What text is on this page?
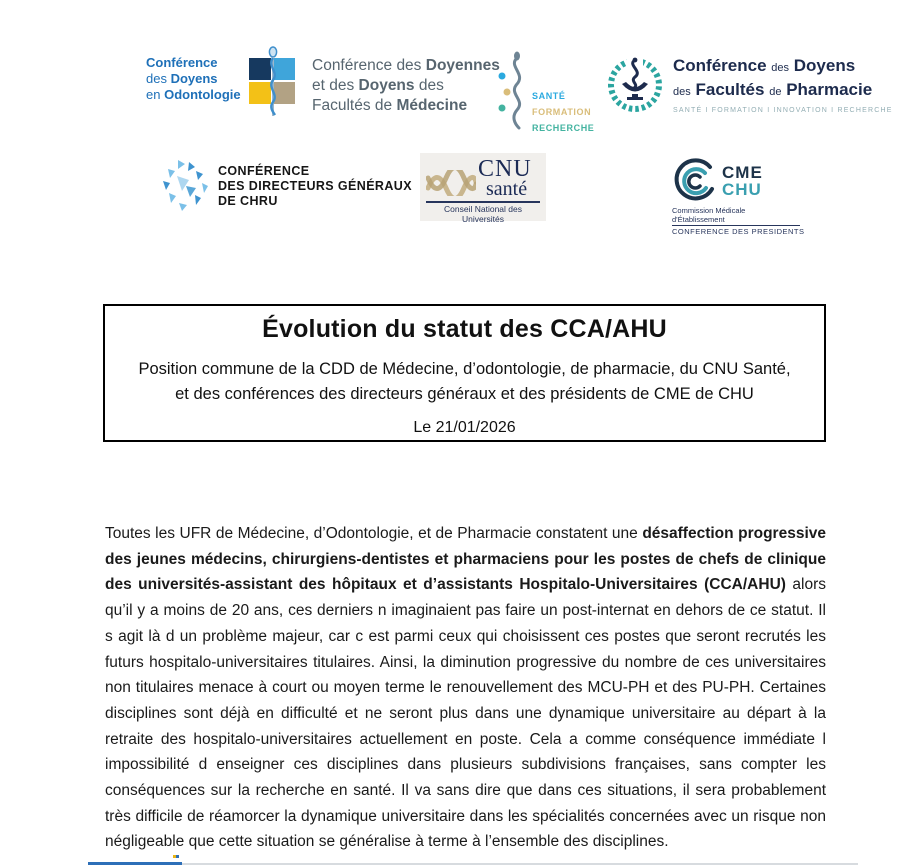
Conférence
des Doyens
en Odontologie
Conférence des Doyennes
et des Doyens des
Facultés de Médecine
SANTÉ
FORMATION
RECHERCHE
Conférence des Doyens
des Facultés de Pharmacie
SANTÉ I FORMATION I INNOVATION I RECHERCHE
CONFÉRENCE
DES DIRECTEURS GÉNÉRAUX
DE CHRU
CNU
santé
Conseil National des Universités
CME
CHU
Commission Médicale d'Établissement
CONFERENCE DES PRESIDENTS
Évolution du statut des CCA/AHU
Position commune de la CDD de Médecine, d’odontologie, de pharmacie, du CNU Santé, et des conférences des directeurs généraux et des présidents de CME de CHU
Le 21/01/2026

Toutes les UFR de Médecine, d’Odontologie, et de Pharmacie constatent une désaffection progressive des jeunes médecins, chirurgiens-dentistes et pharmaciens pour les postes de chefs de clinique des universités-assistant des hôpitaux et d’assistants Hospitalo-Universitaires (CCA/AHU) alors qu’il y a moins de 20 ans, ces derniers n imaginaient pas faire un post-internat en dehors de ce statut. Il s agit là d un problème majeur, car c est parmi ceux qui choisissent ces postes que seront recrutés les futurs hospitalo-universitaires titulaires. Ainsi, la diminution progressive du nombre de ces universitaires non titulaires menace à court ou moyen terme le renouvellement des MCU-PH et des PU-PH. Certaines disciplines sont déjà en difficulté et ne seront plus dans une dynamique universitaire au départ à la retraite des hospitalo-universitaires actuellement en poste. Cela a comme conséquence immédiate l impossibilité d enseigner ces disciplines dans plusieurs subdivisions françaises, sans compter les conséquences sur la recherche en santé. Il va sans dire que dans ces situations, il sera probablement très difficile de réamorcer la dynamique universitaire dans les spécialités concernées avec un risque non négligeable que cette situation se généralise à terme à l’ensemble des disciplines.
